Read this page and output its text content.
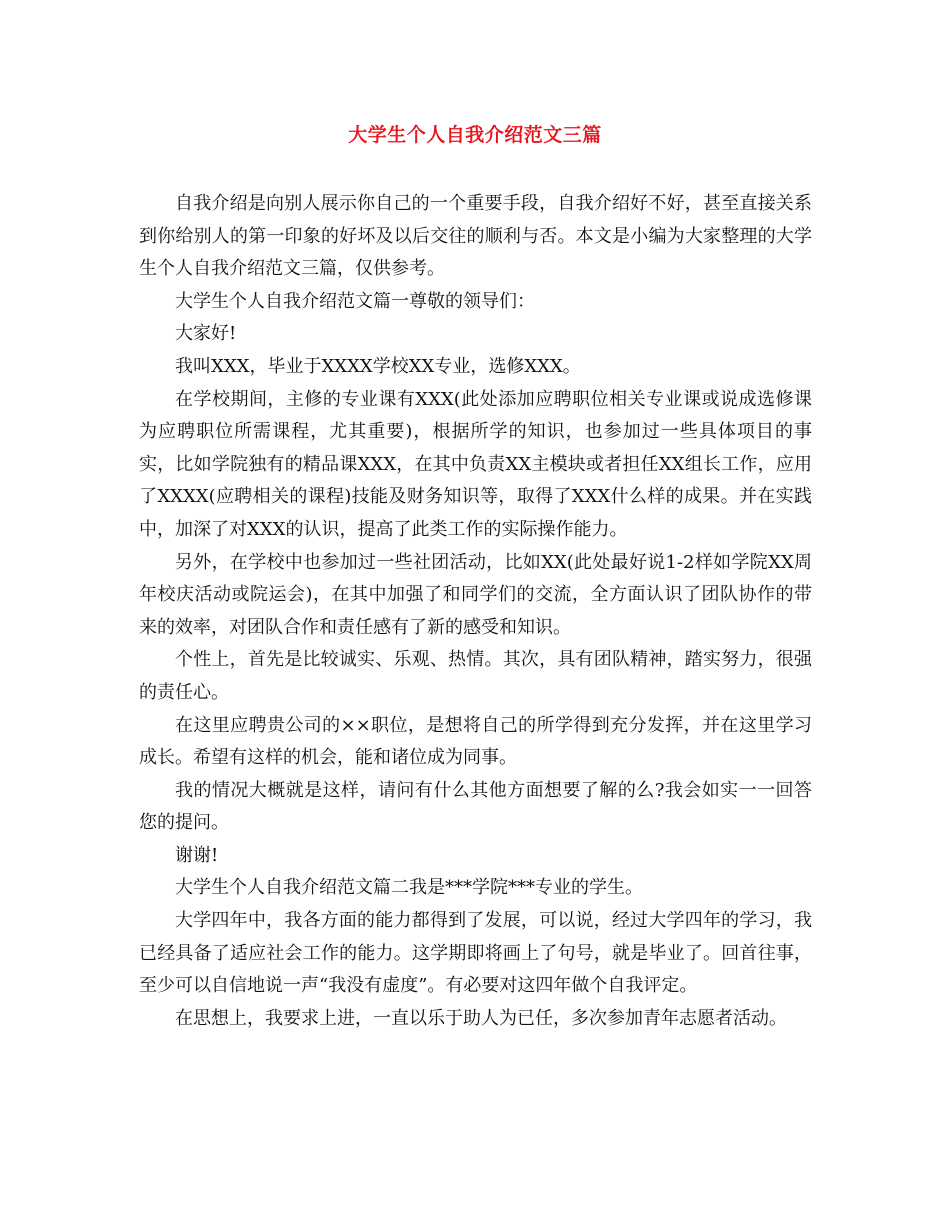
大学生个人自我介绍范文三篇

自我介绍是向别人展示你自己的一个重要手段，自我介绍好不好，甚至直接关系到你给别人的第一印象的好坏及以后交往的顺利与否。本文是小编为大家整理的大学生个人自我介绍范文三篇，仅供参考。

大学生个人自我介绍范文篇一尊敬的领导们：

大家好!

我叫XXX，毕业于XXXX学校XX专业，选修XXX。

在学校期间，主修的专业课有XXX(此处添加应聘职位相关专业课或说成选修课为应聘职位所需课程，尤其重要)，根据所学的知识，也参加过一些具体项目的事实，比如学院独有的精品课XXX，在其中负责XX主模块或者担任XX组长工作，应用了XXXX(应聘相关的课程)技能及财务知识等，取得了XXX什么样的成果。并在实践中，加深了对XXX的认识，提高了此类工作的实际操作能力。

另外，在学校中也参加过一些社团活动，比如XX(此处最好说1-2样如学院XX周年校庆活动或院运会)，在其中加强了和同学们的交流，全方面认识了团队协作的带来的效率，对团队合作和责任感有了新的感受和知识。

个性上，首先是比较诚实、乐观、热情。其次，具有团队精神，踏实努力，很强的责任心。

在这里应聘贵公司的××职位，是想将自己的所学得到充分发挥，并在这里学习成长。希望有这样的机会，能和诸位成为同事。

我的情况大概就是这样，请问有什么其他方面想要了解的么?我会如实一一回答您的提问。

谢谢!

大学生个人自我介绍范文篇二我是***学院***专业的学生。

大学四年中，我各方面的能力都得到了发展，可以说，经过大学四年的学习，我已经具备了适应社会工作的能力。这学期即将画上了句号，就是毕业了。回首往事，至少可以自信地说一声“我没有虚度”。有必要对这四年做个自我评定。

在思想上，我要求上进，一直以乐于助人为已任，多次参加青年志愿者活动。
